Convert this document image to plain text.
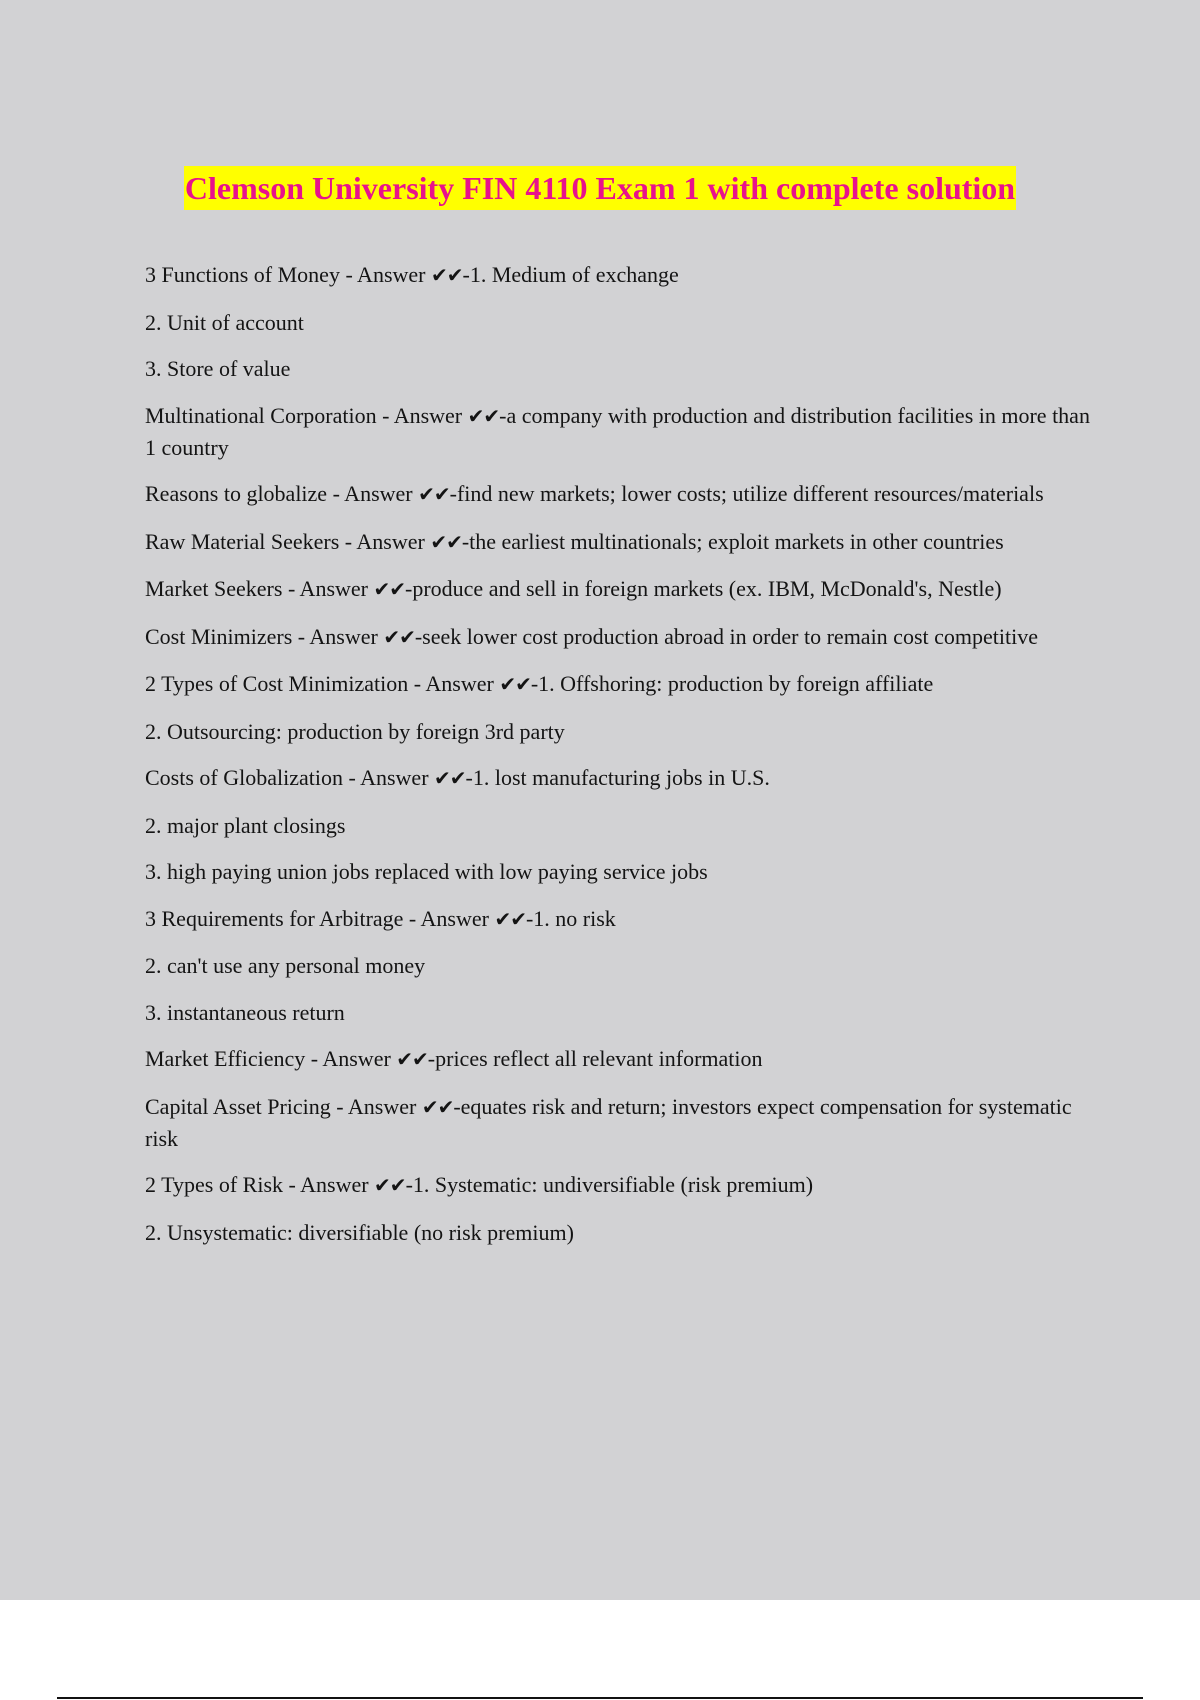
Clemson University FIN 4110 Exam 1 with complete solution

3 Functions of Money - Answer ✔✔-1. Medium of exchange

2. Unit of account

3. Store of value

Multinational Corporation - Answer ✔✔-a company with production and distribution facilities in more than 1 country

Reasons to globalize - Answer ✔✔-find new markets; lower costs; utilize different resources/materials

Raw Material Seekers - Answer ✔✔-the earliest multinationals; exploit markets in other countries

Market Seekers - Answer ✔✔-produce and sell in foreign markets (ex. IBM, McDonald's, Nestle)

Cost Minimizers - Answer ✔✔-seek lower cost production abroad in order to remain cost competitive

2 Types of Cost Minimization - Answer ✔✔-1. Offshoring: production by foreign affiliate

2. Outsourcing: production by foreign 3rd party

Costs of Globalization - Answer ✔✔-1. lost manufacturing jobs in U.S.

2. major plant closings

3. high paying union jobs replaced with low paying service jobs

3 Requirements for Arbitrage - Answer ✔✔-1. no risk

2. can't use any personal money

3. instantaneous return

Market Efficiency - Answer ✔✔-prices reflect all relevant information

Capital Asset Pricing - Answer ✔✔-equates risk and return; investors expect compensation for systematic risk

2 Types of Risk - Answer ✔✔-1. Systematic: undiversifiable (risk premium)

2. Unsystematic: diversifiable (no risk premium)
